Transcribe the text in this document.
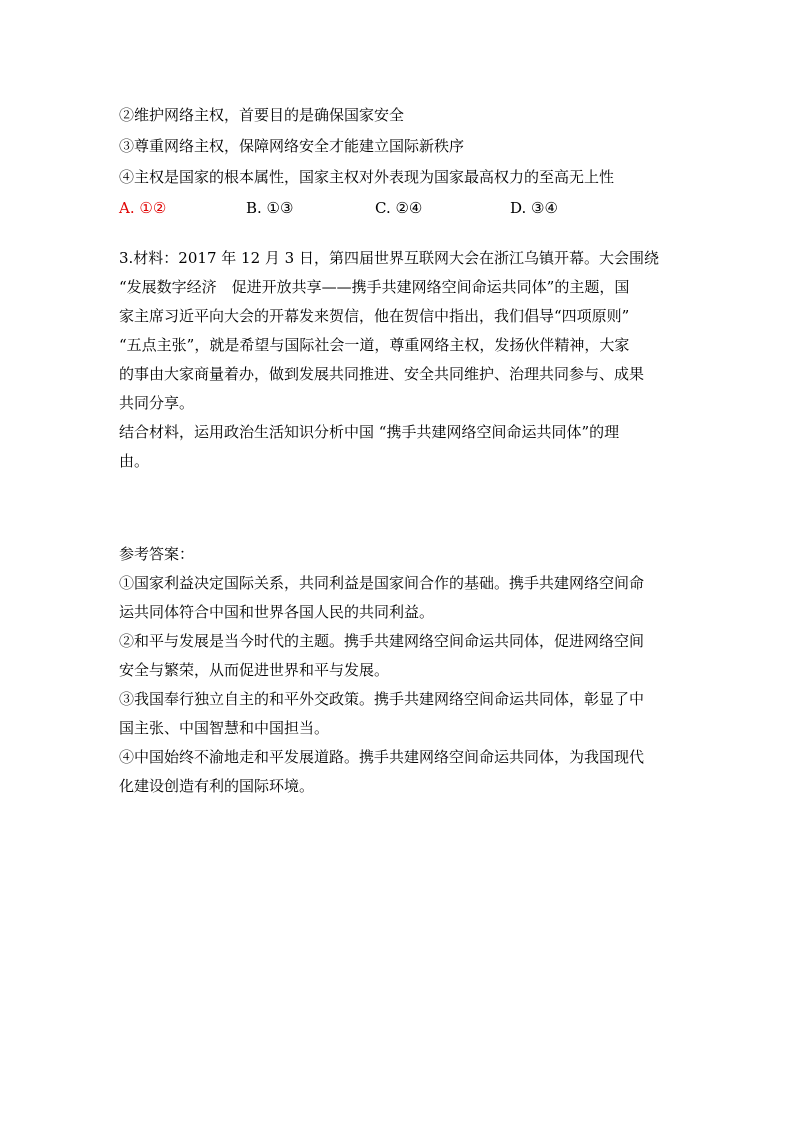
②维护网络主权，首要目的是确保国家安全
③尊重网络主权，保障网络安全才能建立国际新秩序
④主权是国家的根本属性，国家主权对外表现为国家最高权力的至高无上性
A. ①②	B. ①③	C. ②④	D. ③④
3.材料：2017 年 12 月 3 日，第四届世界互联网大会在浙江乌镇开幕。大会围绕
“发展数字经济　促进开放共享——携手共建网络空间命运共同体”的主题，国
家主席习近平向大会的开幕发来贺信，他在贺信中指出，我们倡导“四项原则”
“五点主张”，就是希望与国际社会一道，尊重网络主权，发扬伙伴精神，大家
的事由大家商量着办，做到发展共同推进、安全共同维护、治理共同参与、成果
共同分享。
结合材料，运用政治生活知识分析中国 “携手共建网络空间命运共同体”的理
由。
参考答案：
①国家利益决定国际关系，共同利益是国家间合作的基础。携手共建网络空间命
运共同体符合中国和世界各国人民的共同利益。
②和平与发展是当今时代的主题。携手共建网络空间命运共同体，促进网络空间
安全与繁荣，从而促进世界和平与发展。
③我国奉行独立自主的和平外交政策。携手共建网络空间命运共同体，彰显了中
国主张、中国智慧和中国担当。
④中国始终不渝地走和平发展道路。携手共建网络空间命运共同体，为我国现代
化建设创造有利的国际环境。
